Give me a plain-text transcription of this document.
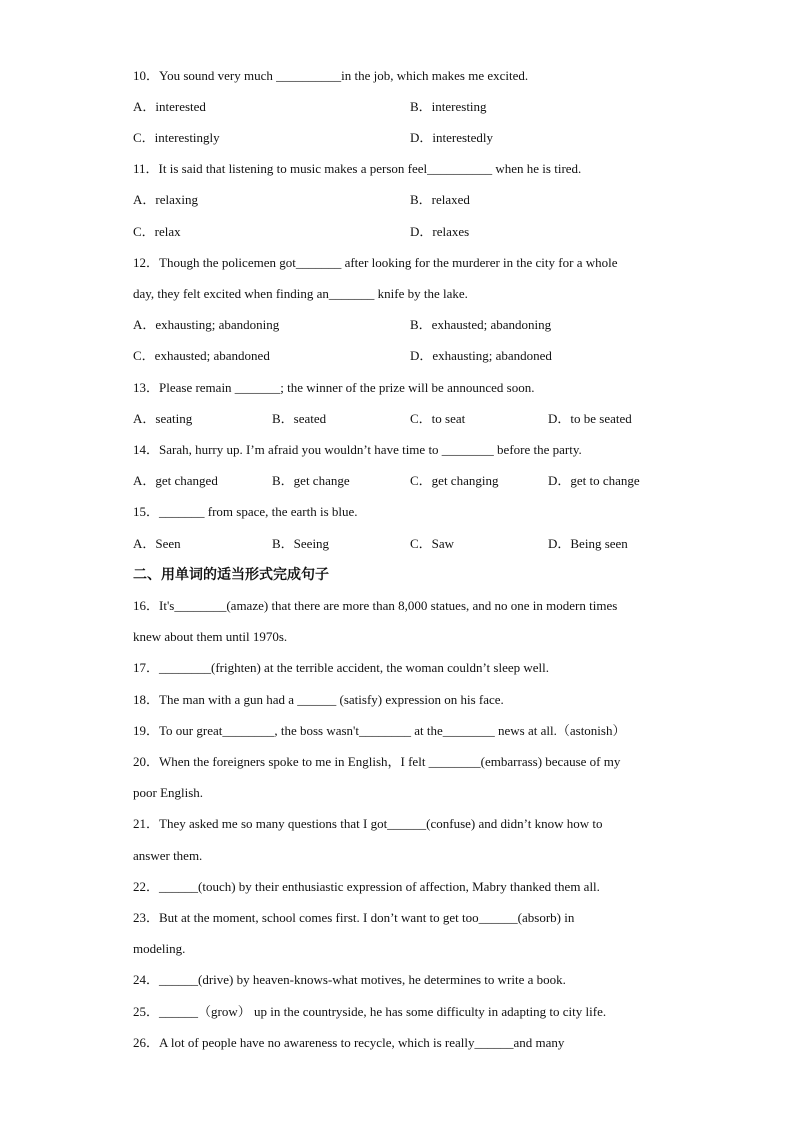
10．You sound very much __________in the job, which makes me excited.
A．interested	B．interesting
C．interestingly	D．interestedly
11．It is said that listening to music makes a person feel__________ when he is tired.
A．relaxing	B．relaxed
C．relax	D．relaxes
12．Though the policemen got_______ after looking for the murderer in the city for a whole
day, they felt excited when finding an_______ knife by the lake.
A．exhausting; abandoning	B．exhausted; abandoning
C．exhausted; abandoned	D．exhausting; abandoned
13．Please remain _______; the winner of the prize will be announced soon.
A．seating	B．seated	C．to seat	D．to be seated
14．Sarah, hurry up. I’m afraid you wouldn’t have time to ________ before the party.
A．get changed	B．get change	C．get changing	D．get to change
15．_______ from space, the earth is blue.
A．Seen	B．Seeing	C．Saw	D．Being seen
二、用单词的适当形式完成句子
16．It's________(amaze) that there are more than 8,000 statues, and no one in modern times
knew about them until 1970s.
17．________(frighten) at the terrible accident, the woman couldn’t sleep well.
18．The man with a gun had a ______ (satisfy) expression on his face.
19．To our great________, the boss wasn't________ at the________ news at all.（astonish）
20．When the foreigners spoke to me in English，I felt ________(embarrass) because of my
poor English.
21．They asked me so many questions that I got______(confuse) and didn’t know how to
answer them.
22．______(touch) by their enthusiastic expression of affection, Mabry thanked them all.
23．But at the moment, school comes first. I don’t want to get too______(absorb) in
modeling.
24．______(drive) by heaven-knows-what motives, he determines to write a book.
25．______（grow） up in the countryside, he has some difficulty in adapting to city life.
26．A lot of people have no awareness to recycle, which is really______and many
